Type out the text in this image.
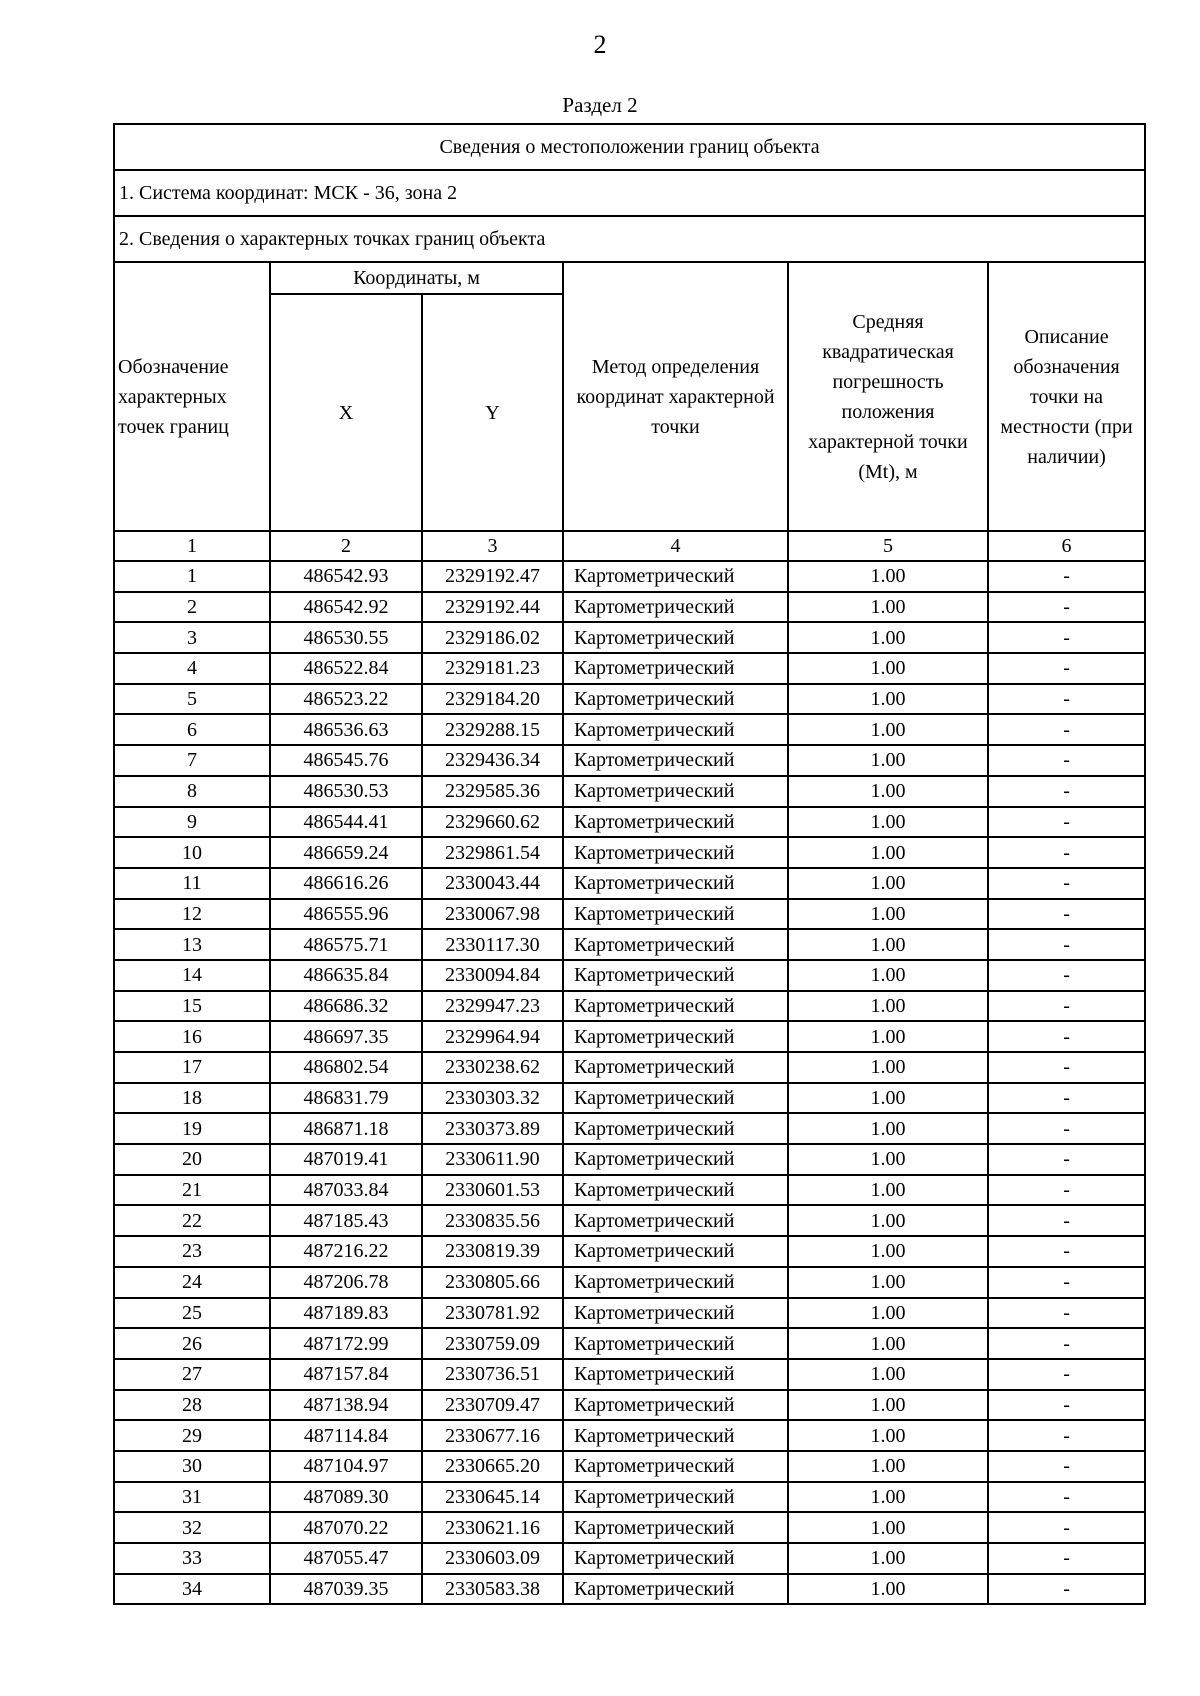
2
Раздел 2
Сведения о местоположении границ объекта					
1. Система координат: МСК - 36, зона 2					
2. Сведения о характерных точках границ объекта					
Обозначение характерных точек границ	Координаты, м		Метод определения координат характерной точки	Средняя квадратическая погрешность положения характерной точки (Mt), м	Описание обозначения точки на местности (при наличии)
	X	Y			
1	2	3	4	5	6
1	486542.93	2329192.47	Картометрический	1.00	-
2	486542.92	2329192.44	Картометрический	1.00	-
3	486530.55	2329186.02	Картометрический	1.00	-
4	486522.84	2329181.23	Картометрический	1.00	-
5	486523.22	2329184.20	Картометрический	1.00	-
6	486536.63	2329288.15	Картометрический	1.00	-
7	486545.76	2329436.34	Картометрический	1.00	-
8	486530.53	2329585.36	Картометрический	1.00	-
9	486544.41	2329660.62	Картометрический	1.00	-
10	486659.24	2329861.54	Картометрический	1.00	-
11	486616.26	2330043.44	Картометрический	1.00	-
12	486555.96	2330067.98	Картометрический	1.00	-
13	486575.71	2330117.30	Картометрический	1.00	-
14	486635.84	2330094.84	Картометрический	1.00	-
15	486686.32	2329947.23	Картометрический	1.00	-
16	486697.35	2329964.94	Картометрический	1.00	-
17	486802.54	2330238.62	Картометрический	1.00	-
18	486831.79	2330303.32	Картометрический	1.00	-
19	486871.18	2330373.89	Картометрический	1.00	-
20	487019.41	2330611.90	Картометрический	1.00	-
21	487033.84	2330601.53	Картометрический	1.00	-
22	487185.43	2330835.56	Картометрический	1.00	-
23	487216.22	2330819.39	Картометрический	1.00	-
24	487206.78	2330805.66	Картометрический	1.00	-
25	487189.83	2330781.92	Картометрический	1.00	-
26	487172.99	2330759.09	Картометрический	1.00	-
27	487157.84	2330736.51	Картометрический	1.00	-
28	487138.94	2330709.47	Картометрический	1.00	-
29	487114.84	2330677.16	Картометрический	1.00	-
30	487104.97	2330665.20	Картометрический	1.00	-
31	487089.30	2330645.14	Картометрический	1.00	-
32	487070.22	2330621.16	Картометрический	1.00	-
33	487055.47	2330603.09	Картометрический	1.00	-
34	487039.35	2330583.38	Картометрический	1.00	-
